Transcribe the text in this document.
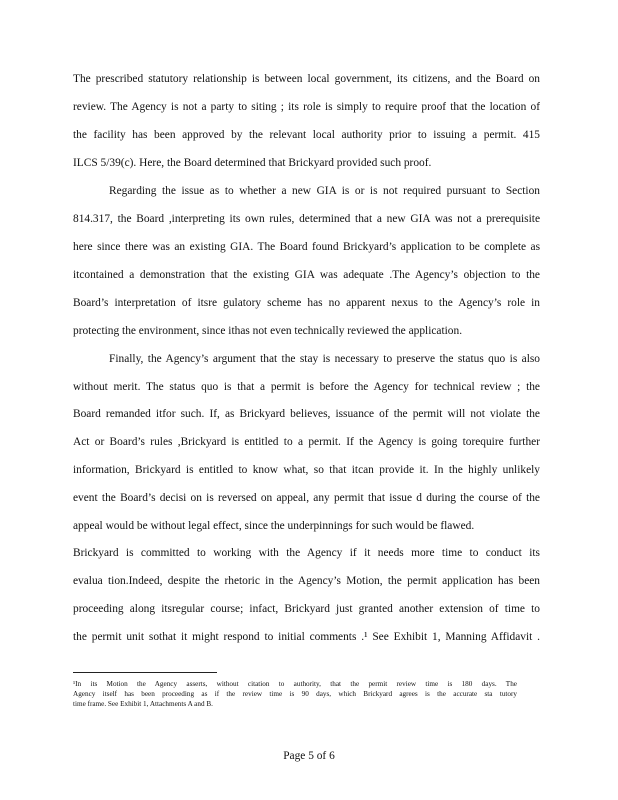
The prescribed statutory relationship is between local government, its citizens, and the Board on
review. The Agency is not a party to siting ; its role is simply to require proof that the location of
the facility has been approved by the relevant local authority prior to issuing a permit. 415
ILCS 5/39(c). Here, the Board determined that Brickyard provided such proof.
Regarding the issue as to whether a new GIA is or is not required pursuant to Section
814.317, the Board ,interpreting its own rules, determined that a new GIA was not a prerequisite
here since there was an existing GIA. The Board found Brickyard’s application to be complete as
itcontained a demonstration that the existing GIA was adequate .The Agency’s objection to the
Board’s interpretation of itsre gulatory scheme has no apparent nexus to the Agency’s role in
protecting the environment, since ithas not even technically reviewed the application.
Finally, the Agency’s argument that the stay is necessary to preserve the status quo is also
without merit. The status quo is that a permit is before the Agency for technical review ; the
Board remanded itfor such. If, as Brickyard believes, issuance of the permit will not violate the
Act or Board’s rules ,Brickyard is entitled to a permit. If the Agency is going torequire further
information, Brickyard is entitled to know what, so that itcan provide it. In the highly unlikely
event the Board’s decisi on is reversed on appeal, any permit that issue d during the course of the
appeal would be without legal effect, since the underpinnings for such would be flawed.
Brickyard is committed to working with the Agency if it needs more time to conduct its
evalua tion.Indeed, despite the rhetoric in the Agency’s Motion, the permit application has been
proceeding along itsregular course; infact, Brickyard just granted another extension of time to
the permit unit sothat it might respond to initial comments .¹ See Exhibit 1, Manning Affidavit .
¹In its Motion the Agency asserts, without citation to authority, that the permit review time is 180 days. The
Agency itself has been proceeding as if the review time is 90 days, which Brickyard agrees is the accurate sta tutory
time frame. See Exhibit 1, Attachments A and B.
Page 5 of 6
